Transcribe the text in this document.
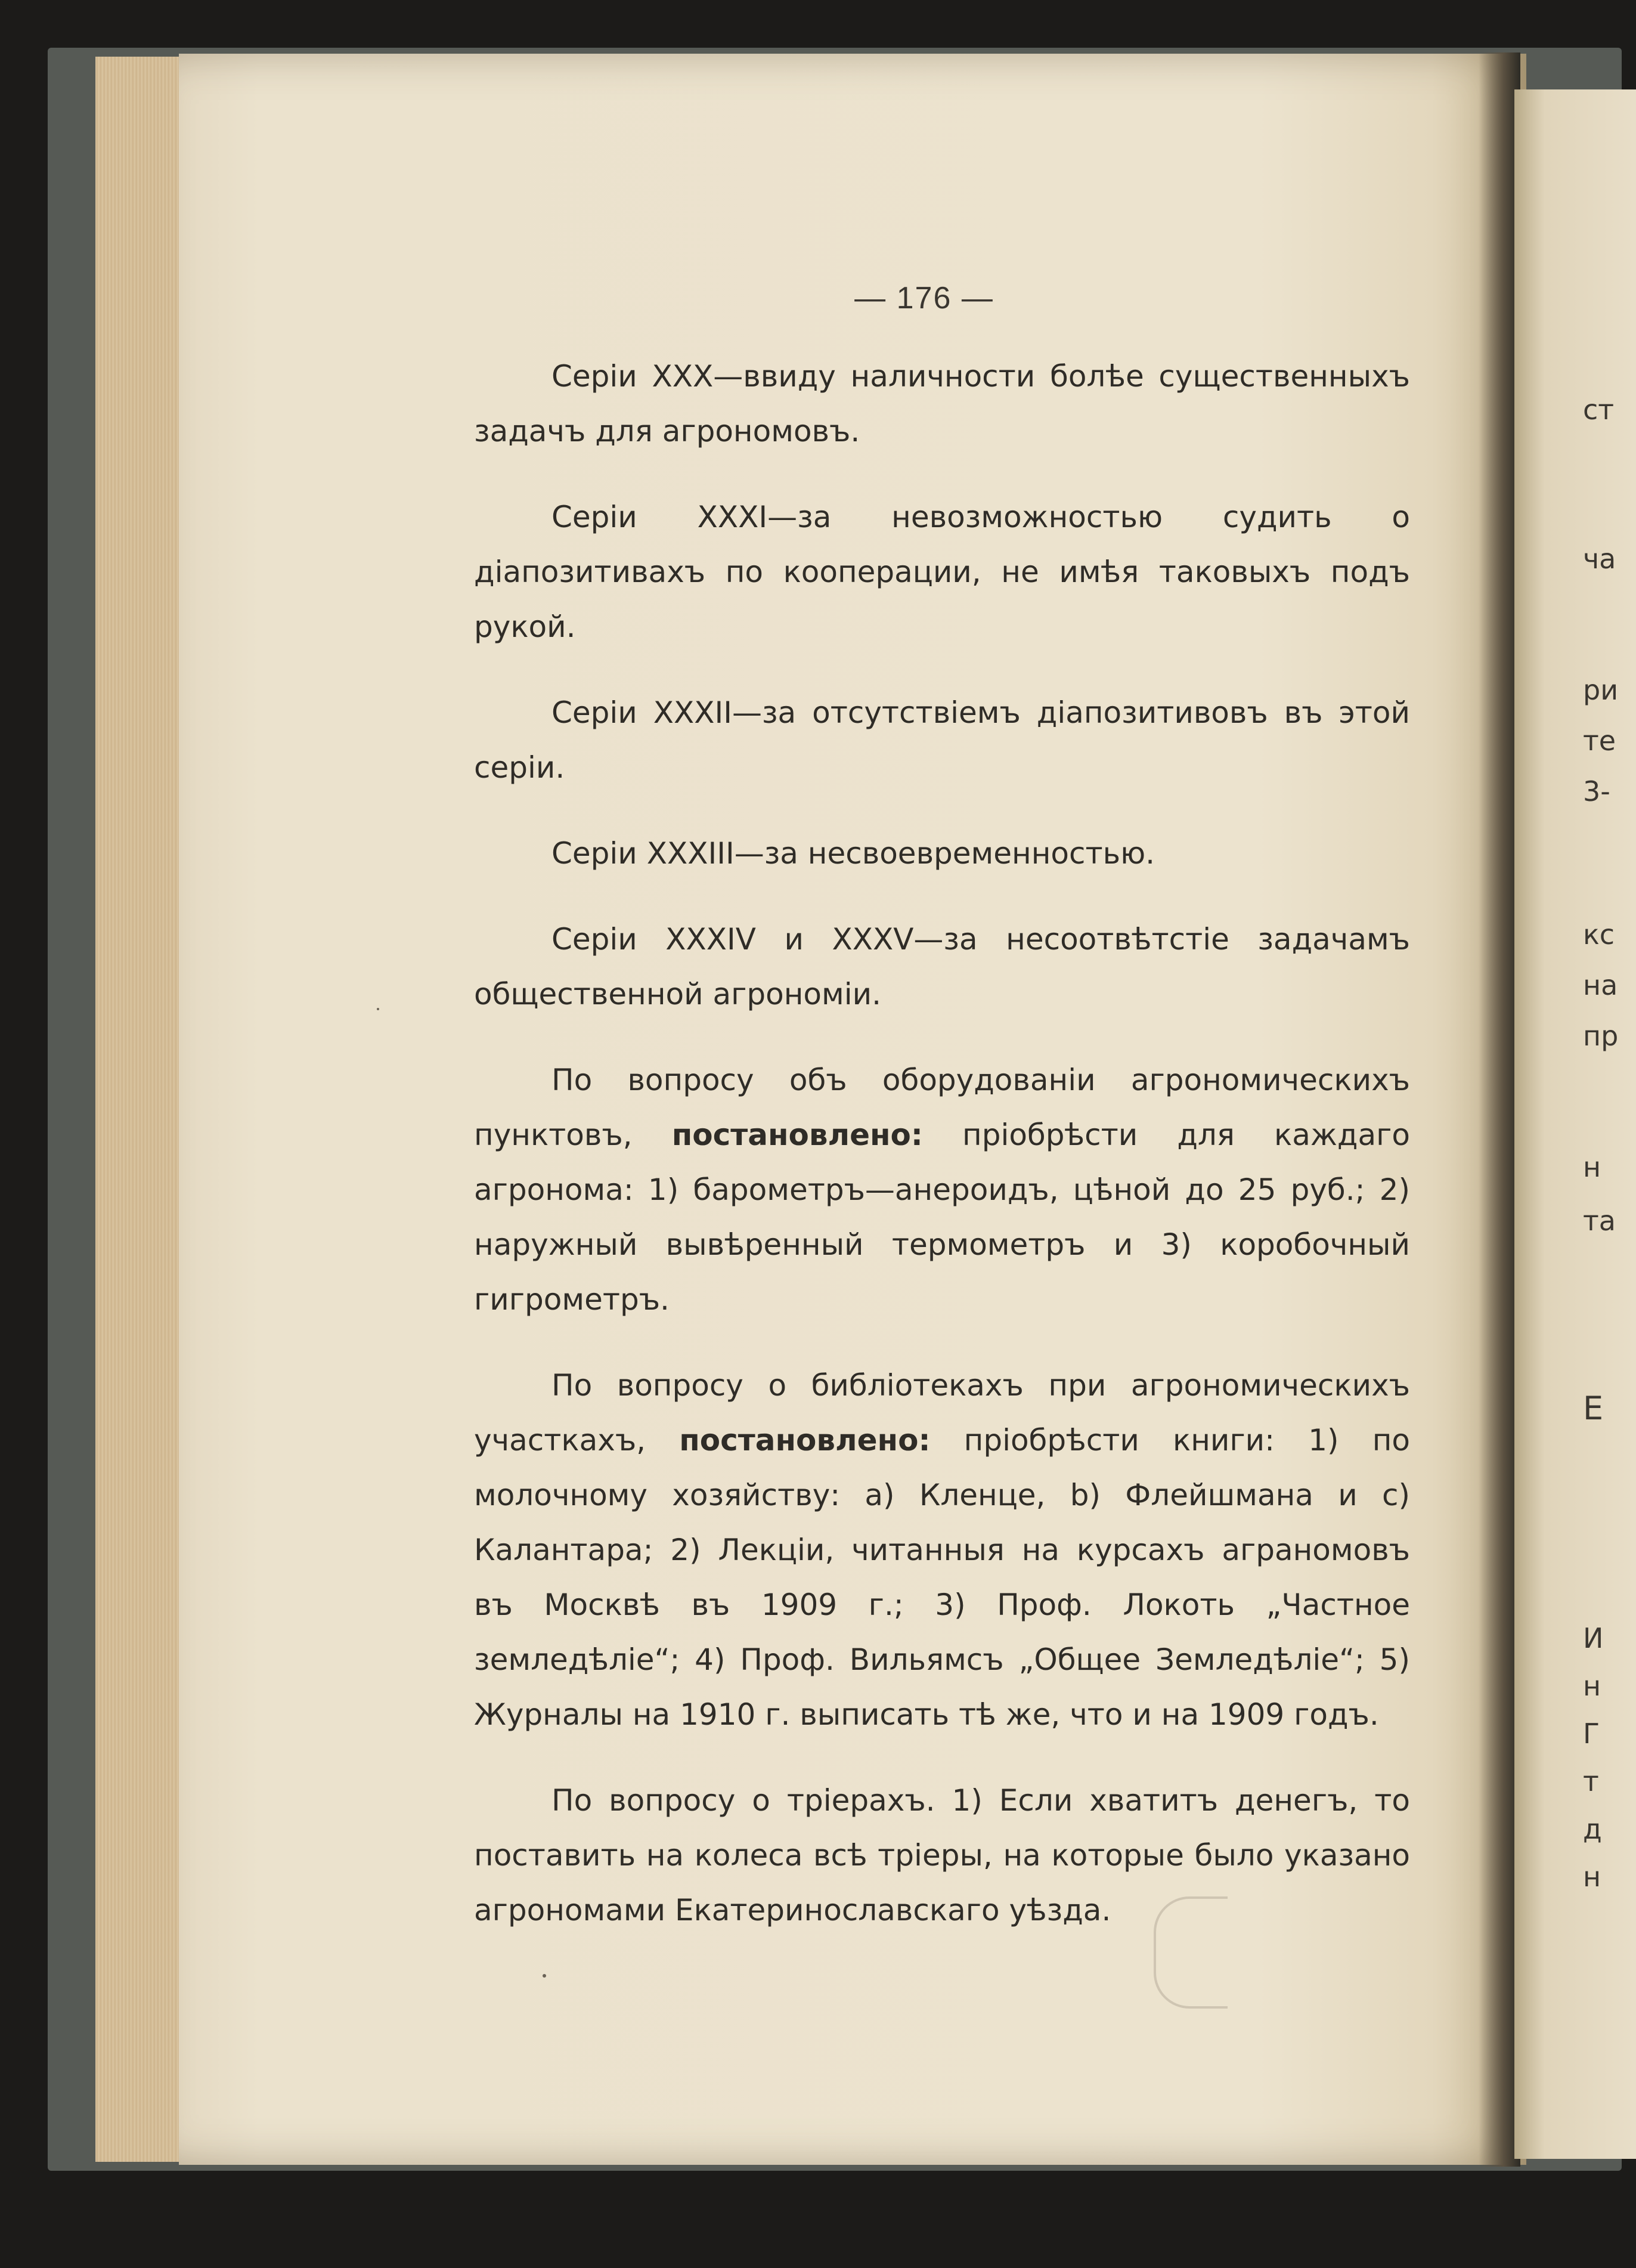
— 176 —

Серіи XXX—ввиду наличности болѣе существенныхъ задачъ для агрономовъ.

Серіи XXXI—за невозможностью судить о діапозитивахъ по кооперации, не имѣя таковыхъ подъ рукой.

Серіи XXXII—за отсутствіемъ діапозитивовъ въ этой серіи.

Серіи XXXIII—за несвоевременностью.

Серіи XXXIV и XXXV—за несоотвѣтстіе задачамъ общественной агрономіи.

По вопросу объ оборудованіи агрономическихъ пунктовъ, постановлено: пріобрѣсти для каждаго агронома: 1) барометръ—анероидъ, цѣной до 25 руб.; 2) наружный вывѣренный термометръ и 3) коробочный гигрометръ.

По вопросу о библіотекахъ при агрономическихъ участкахъ, постановлено: пріобрѣсти книги: 1) по молочному хозяйству: а) Кленце, b) Флейшмана и c) Калантара; 2) Лекціи, читанныя на курсахъ аграномовъ въ Москвѣ въ 1909 г.; 3) Проф. Локоть „Частное земледѣліе“; 4) Проф. Вильямсъ „Общее Земледѣліе“; 5) Журналы на 1910 г. выписать тѣ же, что и на 1909 годъ.

По вопросу о тріерахъ. 1) Если хватитъ денегъ, то поставить на колеса всѣ тріеры, на которые было указано агрономами Екатеринославскаго уѣзда.

ст
ча
ри
те
3-
кс
на
пр
н
та
Е
И
н
Г
т
д
н
